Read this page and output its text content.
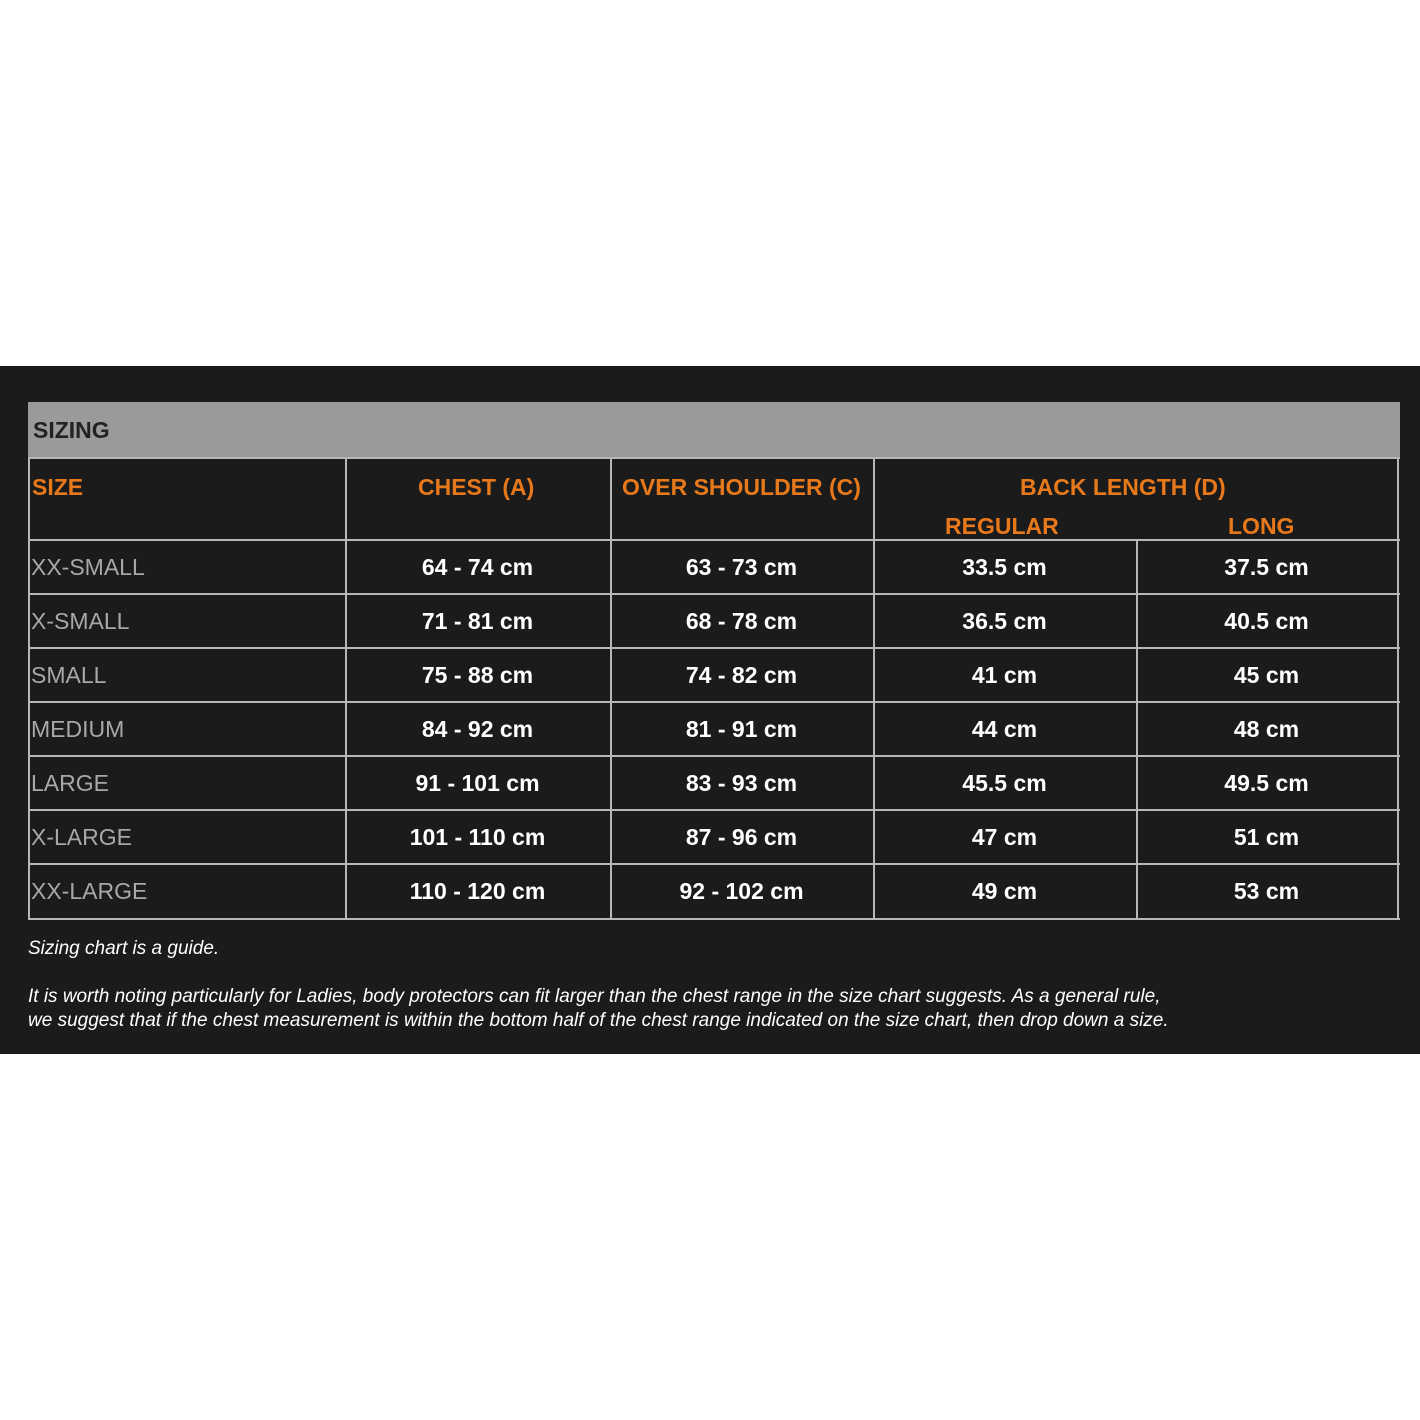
SIZING
SIZE	CHEST (A)	OVER SHOULDER (C)	BACK LENGTH (D)
REGULAR	LONG
XX-SMALL	64 - 74 cm	63 - 73 cm	33.5 cm	37.5 cm
X-SMALL	71 - 81 cm	68 - 78 cm	36.5 cm	40.5 cm
SMALL	75 - 88 cm	74 - 82 cm	41 cm	45 cm
MEDIUM	84 - 92 cm	81 - 91 cm	44 cm	48 cm
LARGE	91 - 101 cm	83 - 93 cm	45.5 cm	49.5 cm
X-LARGE	101 - 110 cm	87 - 96 cm	47 cm	51 cm
XX-LARGE	110 - 120 cm	92 - 102 cm	49 cm	53 cm
Sizing chart is a guide.
It is worth noting particularly for Ladies, body protectors can fit larger than the chest range in the size chart suggests. As a general rule,
we suggest that if the chest measurement is within the bottom half of the chest range indicated on the size chart, then drop down a size.
